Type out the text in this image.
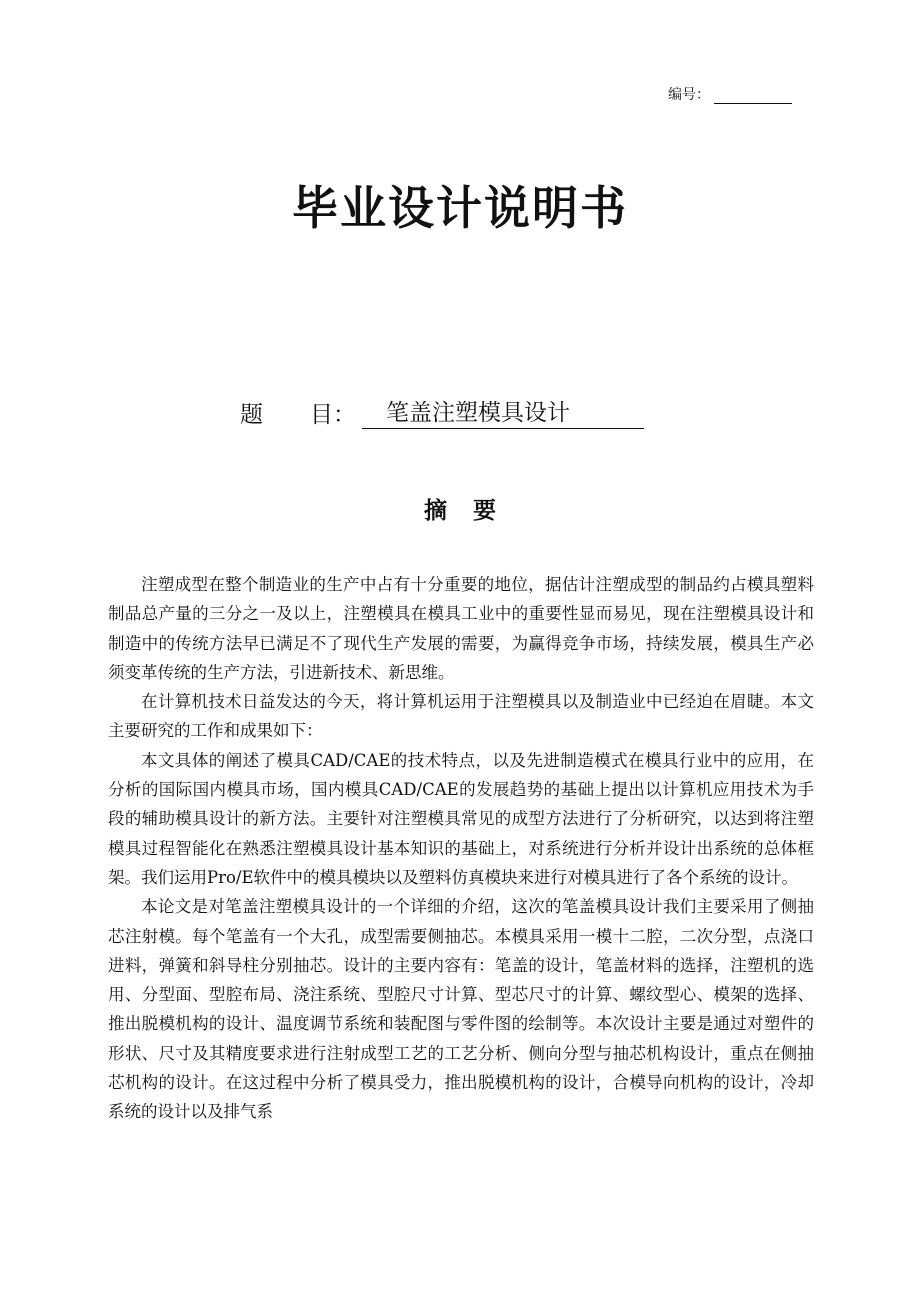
编号：
毕业设计说明书
题	目：	笔盖注塑模具设计
摘 要

注塑成型在整个制造业的生产中占有十分重要的地位，据估计注塑成型的制品约占模具塑料制品总产量的三分之一及以上，注塑模具在模具工业中的重要性显而易见，现在注塑模具设计和制造中的传统方法早已满足不了现代生产发展的需要，为赢得竞争市场，持续发展，模具生产必须变革传统的生产方法，引进新技术、新思维。

在计算机技术日益发达的今天，将计算机运用于注塑模具以及制造业中已经迫在眉睫。本文主要研究的工作和成果如下：

本文具体的阐述了模具CAD/CAE的技术特点，以及先进制造模式在模具行业中的应用，在分析的国际国内模具市场，国内模具CAD/CAE的发展趋势的基础上提出以计算机应用技术为手段的辅助模具设计的新方法。主要针对注塑模具常见的成型方法进行了分析研究，以达到将注塑模具过程智能化在熟悉注塑模具设计基本知识的基础上，对系统进行分析并设计出系统的总体框架。我们运用Pro/E软件中的模具模块以及塑料仿真模块来进行对模具进行了各个系统的设计。

本论文是对笔盖注塑模具设计的一个详细的介绍，这次的笔盖模具设计我们主要采用了侧抽芯注射模。每个笔盖有一个大孔，成型需要侧抽芯。本模具采用一模十二腔，二次分型，点浇口进料，弹簧和斜导柱分别抽芯。设计的主要内容有：笔盖的设计，笔盖材料的选择，注塑机的选用、分型面、型腔布局、浇注系统、型腔尺寸计算、型芯尺寸的计算、螺纹型心、模架的选择、推出脱模机构的设计、温度调节系统和装配图与零件图的绘制等。本次设计主要是通过对塑件的形状、尺寸及其精度要求进行注射成型工艺的工艺分析、侧向分型与抽芯机构设计，重点在侧抽芯机构的设计。在这过程中分析了模具受力，推出脱模机构的设计，合模导向机构的设计，冷却系统的设计以及排气系
